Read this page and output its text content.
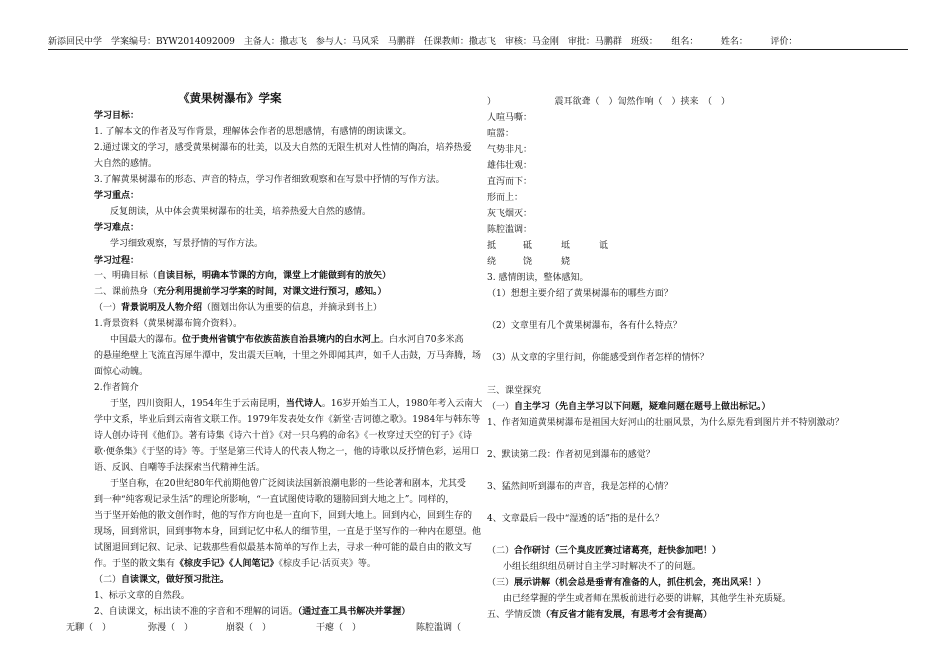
新添回民中学　学案编号：BYW2014092009　主备人：撒志飞　参与人：马风采　马鹏群　任课教师：撒志飞　审核：马金刚　审批：马鹏群　班级：　　组名：　　　姓名：　　　评价：
《黄果树瀑布》学案
学习目标：
1. 了解本文的作者及写作背景，理解体会作者的思想感情，有感情的朗读课文。
2.通过课文的学习，感受黄果树瀑布的壮美，以及大自然的无限生机对人性情的陶冶，培养热爱
大自然的感情。
3.了解黄果树瀑布的形态、声音的特点，学习作者细致观察和在写景中抒情的写作方法。
学习重点：
反复朗读，从中体会黄果树瀑布的壮美，培养热爱大自然的感情。
学习难点：
学习细致观察，写景抒情的写作方法。
学习过程：
一、明确目标（自读目标，明确本节课的方向，课堂上才能做到有的放矢）
二、课前热身（充分利用提前学习学案的时间，对课文进行预习，感知。）
（一）背景说明及人物介绍（圈划出你认为重要的信息，并摘录到书上）
1.背景资料（黄果树瀑布简介资料）。
中国最大的瀑布。位于贵州省镇宁布依族苗族自治县境内的白水河上。白水河自70多米高
的悬崖绝壁上飞流直泻犀牛潭中，发出震天巨响，十里之外即闻其声，如千人击鼓，万马奔腾，场
面惊心动魄。
2.作者简介
于坚，四川资阳人，1954年生于云南昆明，当代诗人。16岁开始当工人，1980年考入云南大
学中文系，毕业后到云南省文联工作。1979年发表处女作《新堂·吉诃德之歌》。1984年与韩东等
诗人创办诗刊《他们》。著有诗集《诗六十首》《对一只乌鸦的命名》《一枚穿过天空的钉子》《诗
歌·便条集》《于坚的诗》等。于坚是第三代诗人的代表人物之一，他的诗歌以反抒情色彩，运用口
语、反讽、自嘲等手法探索当代精神生活。
于坚自称，在20世纪80年代前期他曾广泛阅读法国新浪潮电影的一些论著和剧本，尤其受
到一种“纯客观记录生活”的理论所影响，“一直试图使诗歌的翅膀回到大地之上”。同样的，
当于坚开始他的散文创作时，他的写作方向也是一直向下，回到大地上。回到内心，回到生存的
现场，回到常识，回到事物本身，回到记忆中私人的细节里，一直是于坚写作的一种内在愿望。他
试图退回到记叙、记录、记载那些看似最基本简单的写作上去，寻求一种可能的最自由的散文写
作。于坚的散文集有《棕皮手记》《人间笔记》《棕皮手记·活页夹》等。
（二）自读课文，做好预习批注。
1、标示文章的自然段。
2、自读课文，标出读不准的字音和不理解的词语。（通过查工具书解决并掌握）
无聊（　）	弥漫（　）	崩裂（　）	干瘪（　）	陈腔滥调（
）　　　　　　　震耳欲聋（　）訇然作响（　）挟来　（　）
人喧马嘶：
喧嚣：
气势非凡：
雄伟壮观：
直泻而下：
形而上：
灰飞烟灭：
陈腔滥调：
抵	砥	坻	诋
绕	饶	娆
3. 感情朗读，整体感知。
（1）想想主要介绍了黄果树瀑布的哪些方面？
（2）文章里有几个黄果树瀑布，各有什么特点？
（3）从文章的字里行间，你能感受到作者怎样的情怀？
三、课堂探究
（一）自主学习（先自主学习以下问题，疑难问题在题号上做出标记。）
1、作者知道黄果树瀑布是祖国大好河山的壮丽风景，为什么原先看到图片并不特别激动？
2、默读第二段：作者初见到瀑布的感觉？
3、猛然间听到瀑布的声音，我是怎样的心情？
4、文章最后一段中“湿透的话”指的是什么？
（二）合作研讨（三个臭皮匠赛过诸葛亮，赶快参加吧！）
小组长组织组员研讨自主学习时解决不了的问题。
（三）展示讲解（机会总是垂青有准备的人，抓住机会，亮出风采！）
由已经掌握的学生或者师在黑板前进行必要的讲解，其他学生补充质疑。
五、学情反馈（有反省才能有发展，有思考才会有提高）
